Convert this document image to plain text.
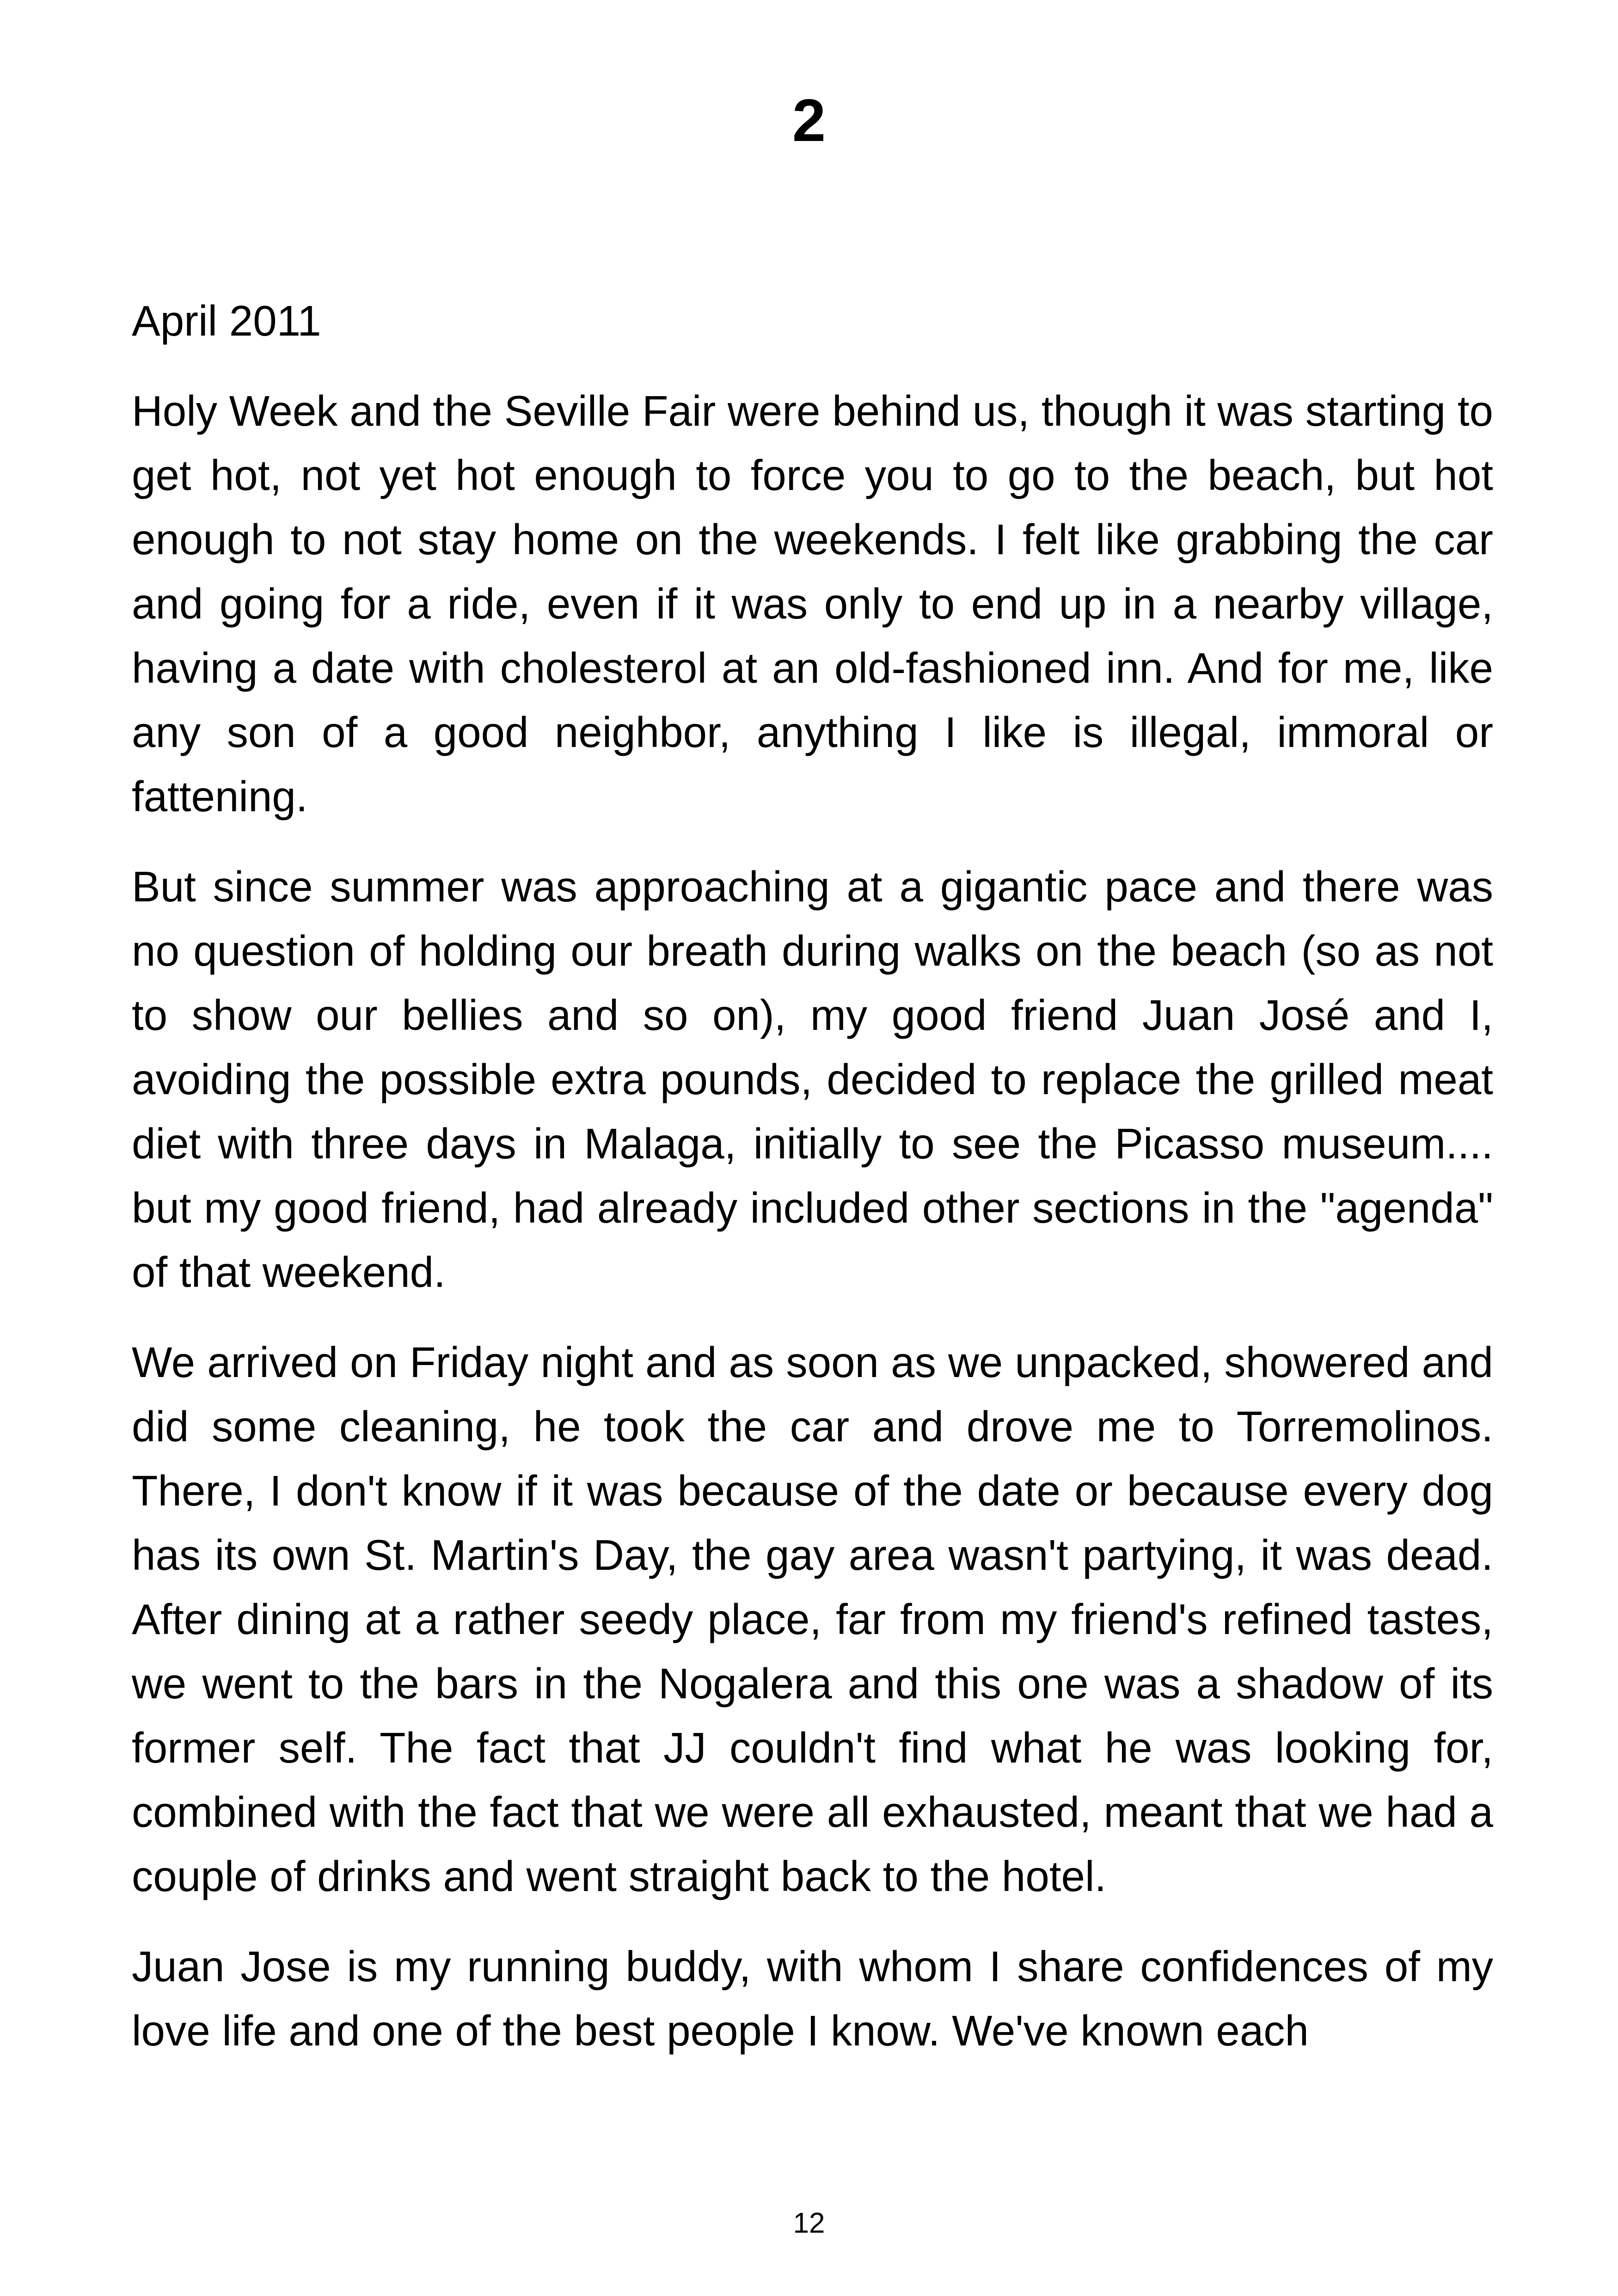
2

April 2011

Holy Week and the Seville Fair were behind us, though it was starting to get hot, not yet hot enough to force you to go to the beach, but hot enough to not stay home on the weekends. I felt like grabbing the car and going for a ride, even if it was only to end up in a nearby village, having a date with cholesterol at an old-fashioned inn. And for me, like any son of a good neighbor, anything I like is illegal, immoral or fattening.

But since summer was approaching at a gigantic pace and there was no question of holding our breath during walks on the beach (so as not to show our bellies and so on), my good friend Juan José and I, avoiding the possible extra pounds, decided to replace the grilled meat diet with three days in Malaga, initially to see the Picasso museum.... but my good friend, had already included other sections in the "agenda" of that weekend.

We arrived on Friday night and as soon as we unpacked, showered and did some cleaning, he took the car and drove me to Torremolinos. There, I don't know if it was because of the date or because every dog has its own St. Martin's Day, the gay area wasn't partying, it was dead. After dining at a rather seedy place, far from my friend's refined tastes, we went to the bars in the Nogalera and this one was a shadow of its former self. The fact that JJ couldn't find what he was looking for, combined with the fact that we were all exhausted, meant that we had a couple of drinks and went straight back to the hotel.

Juan Jose is my running buddy, with whom I share confidences of my love life and one of the best people I know. We've known each

12
